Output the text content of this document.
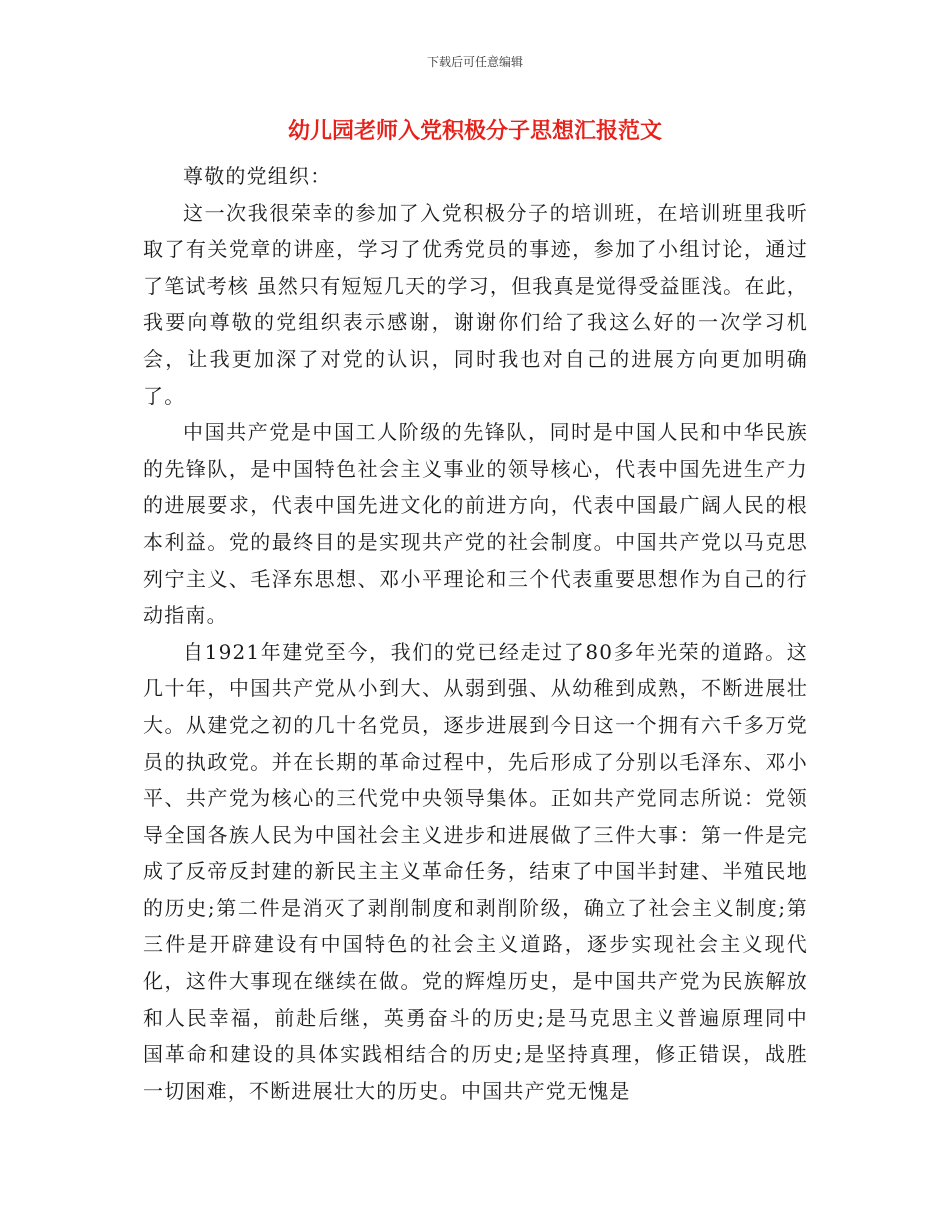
下载后可任意编辑
幼儿园老师入党积极分子思想汇报范文

尊敬的党组织：

这一次我很荣幸的参加了入党积极分子的培训班，在培训班里我听取了有关党章的讲座，学习了优秀党员的事迹，参加了小组讨论，通过了笔试考核 虽然只有短短几天的学习，但我真是觉得受益匪浅。在此，我要向尊敬的党组织表示感谢，谢谢你们给了我这么好的一次学习机会，让我更加深了对党的认识，同时我也对自己的进展方向更加明确了。

中国共产党是中国工人阶级的先锋队，同时是中国人民和中华民族的先锋队，是中国特色社会主义事业的领导核心，代表中国先进生产力的进展要求，代表中国先进文化的前进方向，代表中国最广阔人民的根本利益。党的最终目的是实现共产党的社会制度。中国共产党以马克思列宁主义、毛泽东思想、邓小平理论和三个代表重要思想作为自己的行动指南。

自1921年建党至今，我们的党已经走过了80多年光荣的道路。这几十年，中国共产党从小到大、从弱到强、从幼稚到成熟，不断进展壮大。从建党之初的几十名党员，逐步进展到今日这一个拥有六千多万党员的执政党。并在长期的革命过程中，先后形成了分别以毛泽东、邓小平、共产党为核心的三代党中央领导集体。正如共产党同志所说：党领导全国各族人民为中国社会主义进步和进展做了三件大事：第一件是完成了反帝反封建的新民主主义革命任务，结束了中国半封建、半殖民地的历史;第二件是消灭了剥削制度和剥削阶级，确立了社会主义制度;第三件是开辟建设有中国特色的社会主义道路，逐步实现社会主义现代化，这件大事现在继续在做。党的辉煌历史，是中国共产党为民族解放和人民幸福，前赴后继，英勇奋斗的历史;是马克思主义普遍原理同中国革命和建设的具体实践相结合的历史;是坚持真理，修正错误，战胜一切困难，不断进展壮大的历史。中国共产党无愧是
